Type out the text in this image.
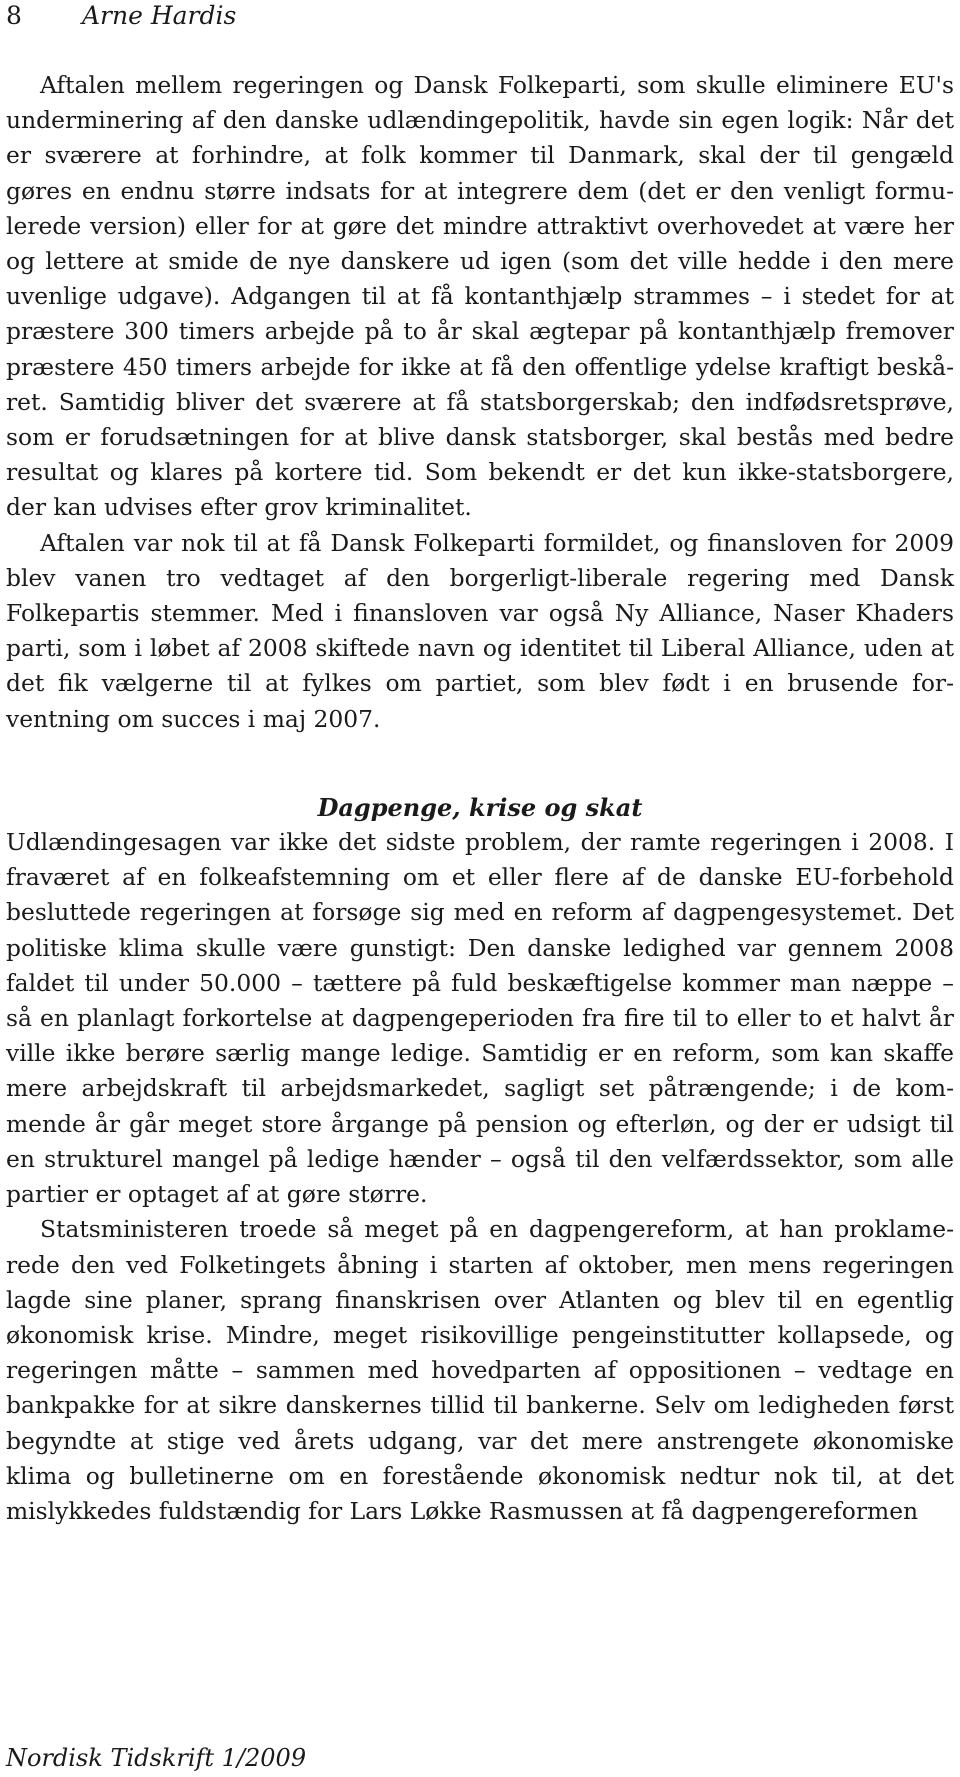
8 Arne Hardis

Aftalen mellem regeringen og Dansk Folkeparti, som skulle eliminere EU's underminering af den danske udlændingepolitik, havde sin egen logik: Når det er sværere at forhindre, at folk kommer til Danmark, skal der til gengæld gøres en endnu større indsats for at integrere dem (det er den venligt formulerede version) eller for at gøre det mindre attraktivt overhovedet at være her og lettere at smide de nye danskere ud igen (som det ville hedde i den mere uvenlige udgave). Adgangen til at få kontanthjælp strammes – i stedet for at præstere 300 timers arbejde på to år skal ægtepar på kontanthjælp fremover præstere 450 timers arbejde for ikke at få den offentlige ydelse kraftigt beskåret. Samtidig bliver det sværere at få statsborgerskab; den indfødsretsprøve, som er forudsætningen for at blive dansk statsborger, skal bestås med bedre resultat og klares på kortere tid. Som bekendt er det kun ikke-statsborgere, der kan udvises efter grov kriminalitet.

Aftalen var nok til at få Dansk Folkeparti formildet, og finansloven for 2009 blev vanen tro vedtaget af den borgerligt-liberale regering med Dansk Folkepartis stemmer. Med i finansloven var også Ny Alliance, Naser Khaders parti, som i løbet af 2008 skiftede navn og identitet til Liberal Alliance, uden at det fik vælgerne til at fylkes om partiet, som blev født i en brusende forventning om succes i maj 2007.

Dagpenge, krise og skat

Udlændingesagen var ikke det sidste problem, der ramte regeringen i 2008. I fraværet af en folkeafstemning om et eller flere af de danske EU-forbehold besluttede regeringen at forsøge sig med en reform af dagpengesystemet. Det politiske klima skulle være gunstigt: Den danske ledighed var gennem 2008 faldet til under 50.000 – tættere på fuld beskæftigelse kommer man næppe – så en planlagt forkortelse at dagpengeperioden fra fire til to eller to et halvt år ville ikke berøre særlig mange ledige. Samtidig er en reform, som kan skaffe mere arbejdskraft til arbejdsmarkedet, sagligt set påtrængende; i de kommende år går meget store årgange på pension og efterløn, og der er udsigt til en strukturel mangel på ledige hænder – også til den velfærdssektor, som alle partier er optaget af at gøre større.

Statsministeren troede så meget på en dagpengereform, at han proklamerede den ved Folketingets åbning i starten af oktober, men mens regeringen lagde sine planer, sprang finanskrisen over Atlanten og blev til en egentlig økonomisk krise. Mindre, meget risikovillige pengeinstitutter kollapsede, og regeringen måtte – sammen med hovedparten af oppositionen – vedtage en bankpakke for at sikre danskernes tillid til bankerne. Selv om ledigheden først begyndte at stige ved årets udgang, var det mere anstrengete økonomiske klima og bulletinerne om en forestående økonomisk nedtur nok til, at det mislykkedes fuldstændig for Lars Løkke Rasmussen at få dagpengereformen

Nordisk Tidskrift 1/2009
